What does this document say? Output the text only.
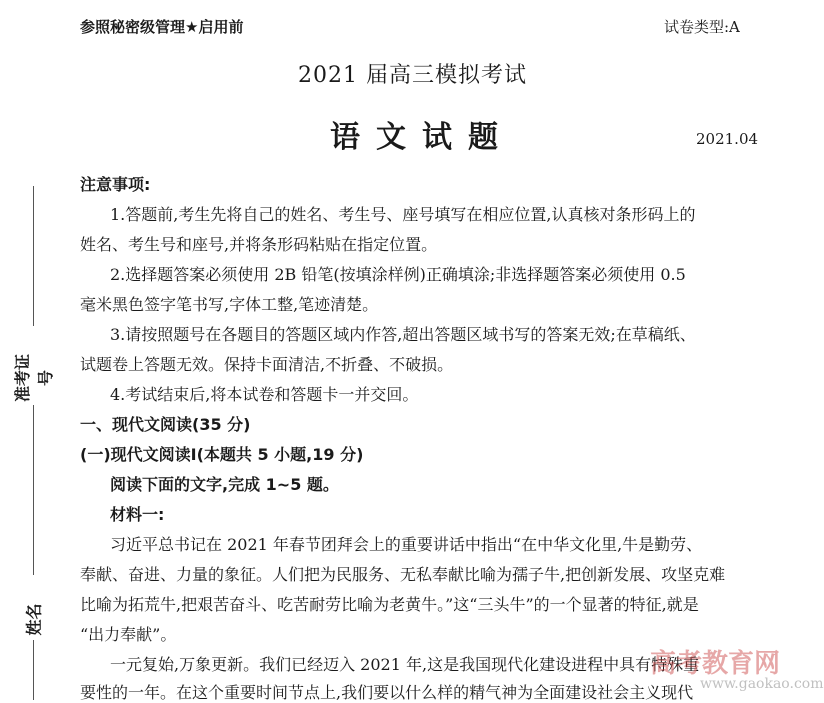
参照秘密级管理★启用前	试卷类型:A
2021 届高三模拟考试
语文试题	2021.04
注意事项:
1.答题前,考生先将自己的姓名、考生号、座号填写在相应位置,认真核对条形码上的
姓名、考生号和座号,并将条形码粘贴在指定位置。
2.选择题答案必须使用 2B 铅笔(按填涂样例)正确填涂;非选择题答案必须使用 0.5
毫米黑色签字笔书写,字体工整,笔迹清楚。
3.请按照题号在各题目的答题区域内作答,超出答题区域书写的答案无效;在草稿纸、
试题卷上答题无效。保持卡面清洁,不折叠、不破损。
4.考试结束后,将本试卷和答题卡一并交回。
一、现代文阅读(35 分)
(一)现代文阅读Ⅰ(本题共 5 小题,19 分)
阅读下面的文字,完成 1~5 题。
材料一:
习近平总书记在 2021 年春节团拜会上的重要讲话中指出“在中华文化里,牛是勤劳、
奉献、奋进、力量的象征。人们把为民服务、无私奉献比喻为孺子牛,把创新发展、攻坚克难
比喻为拓荒牛,把艰苦奋斗、吃苦耐劳比喻为老黄牛。”这“三头牛”的一个显著的特征,就是
“出力奉献”。
一元复始,万象更新。我们已经迈入 2021 年,这是我国现代化建设进程中具有特殊重
要性的一年。在这个重要时间节点上,我们要以什么样的精气神为全面建设社会主义现代
准考证号
姓名
高考教育网
www.gaokao.com
